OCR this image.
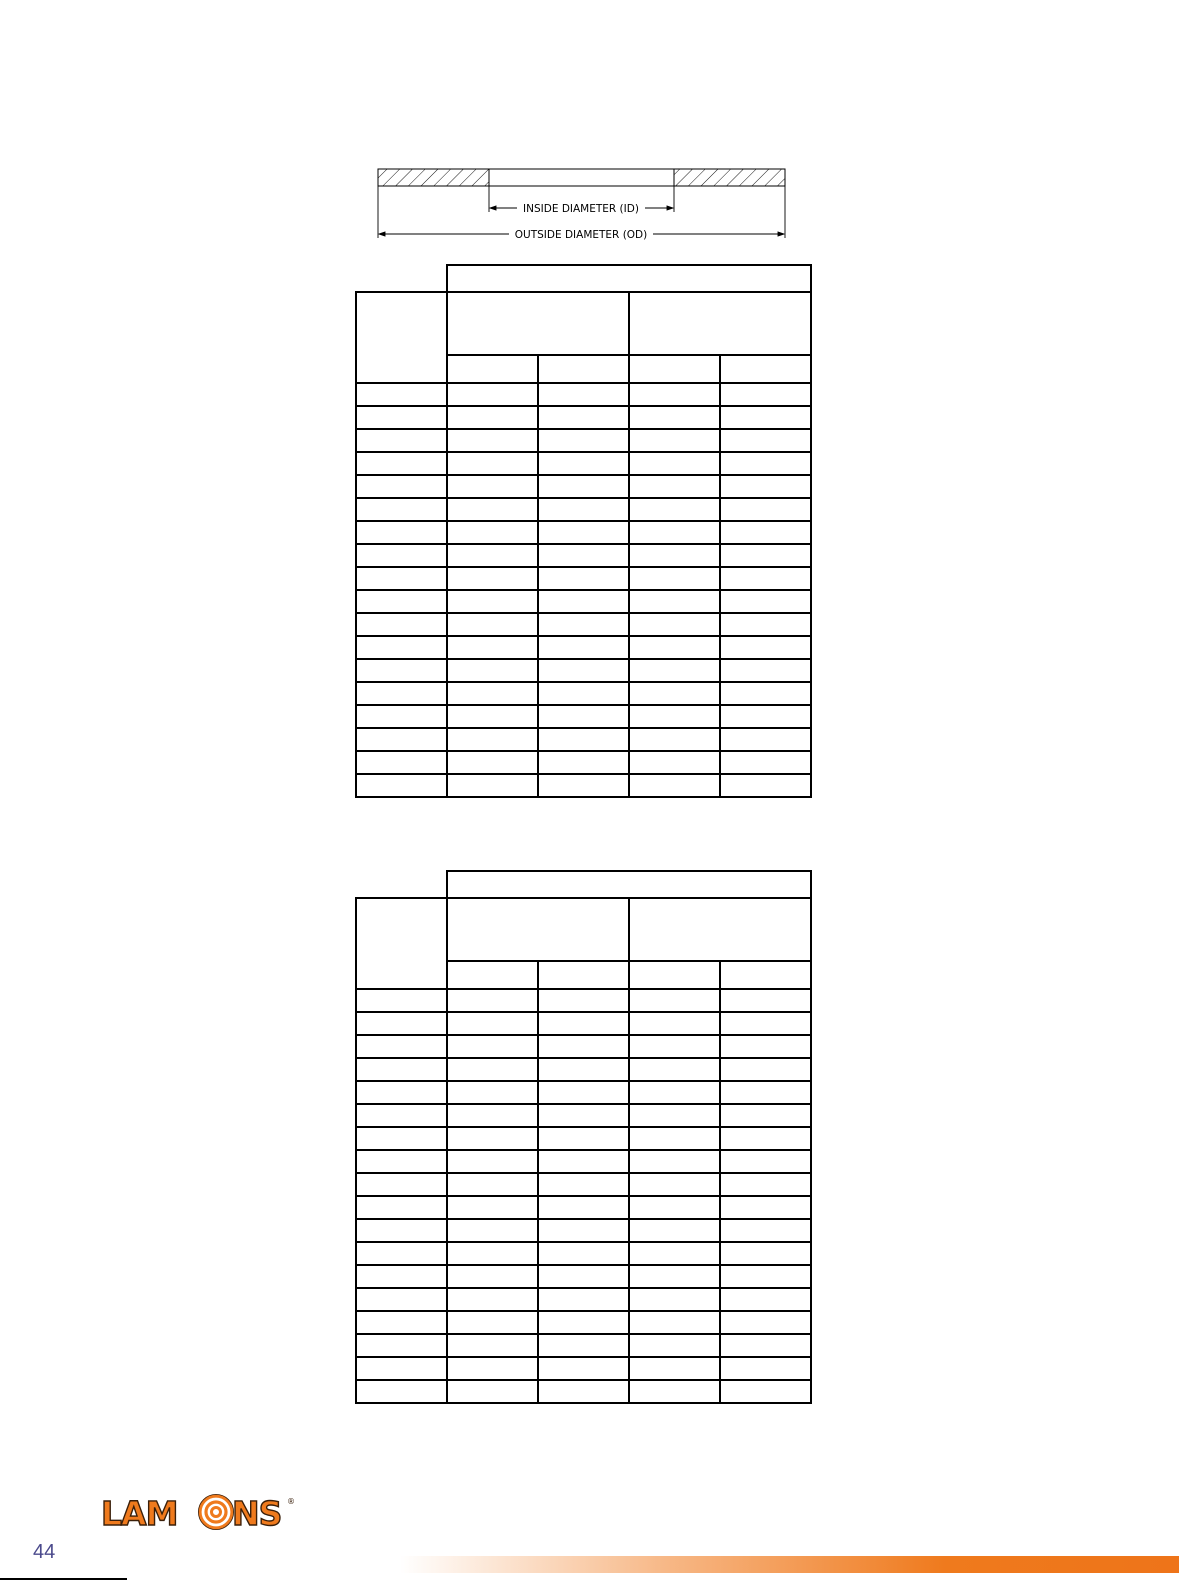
INSIDE DIAMETER (ID)
OUTSIDE DIAMETER (OD)

44
LAM NS ®
